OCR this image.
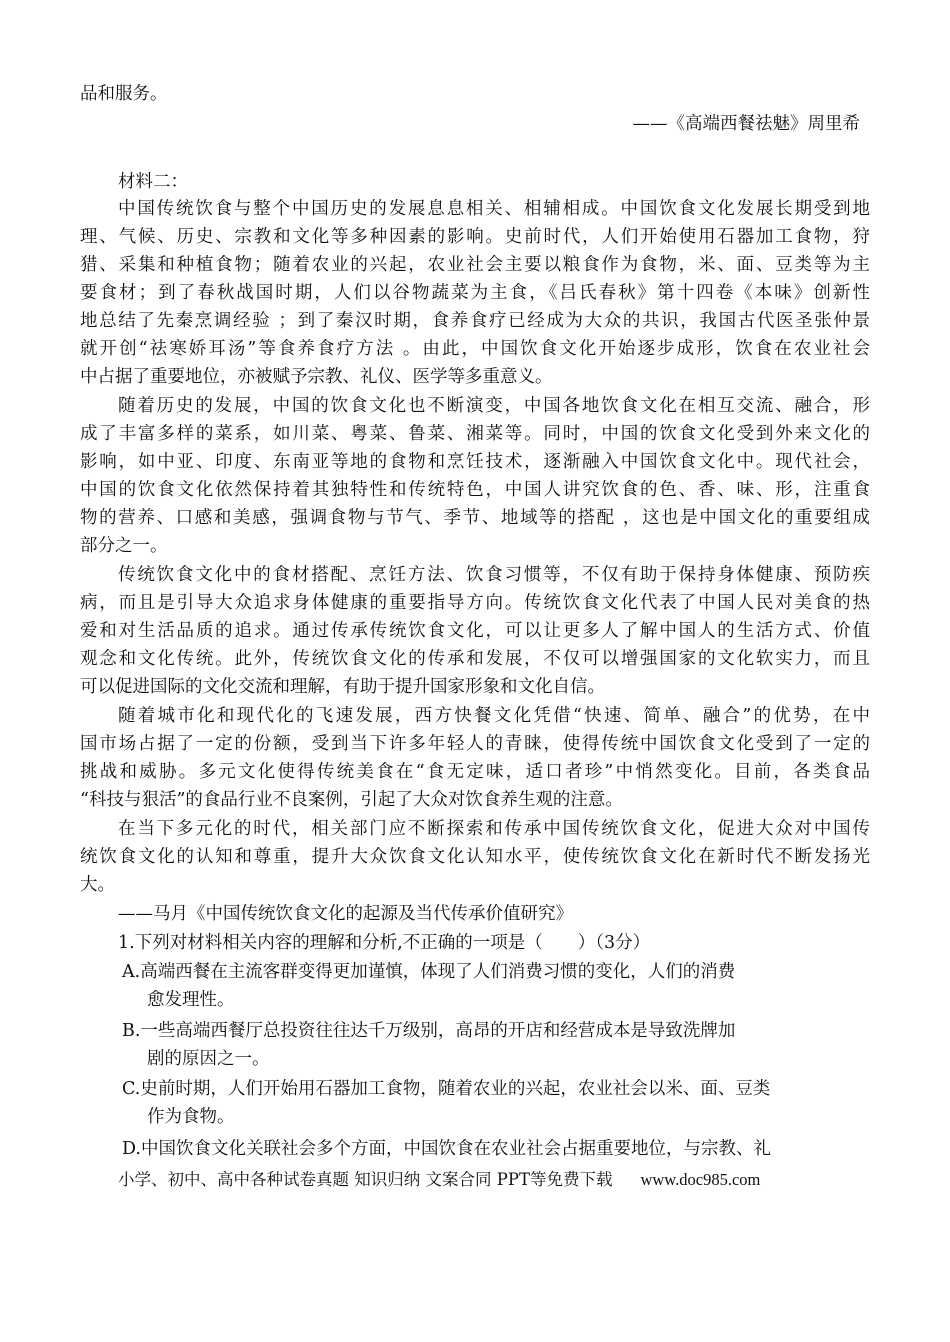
品和服务。
——《高端西餐祛魅》周里希
材料二：
中国传统饮食与整个中国历史的发展息息相关、相辅相成。中国饮食文化发展长期受到地
理、气候、历史、宗教和文化等多种因素的影响。史前时代，人们开始使用石器加工食物，狩
猎、采集和种植食物；随着农业的兴起，农业社会主要以粮食作为食物，米、面、豆类等为主
要食材；到了春秋战国时期，人们以谷物蔬菜为主食，《吕氏春秋》第十四卷《本味》创新性
地总结了先秦烹调经验 ；到了秦汉时期，食养食疗已经成为大众的共识，我国古代医圣张仲景
就开创“祛寒娇耳汤”等食养食疗方法 。由此，中国饮食文化开始逐步成形，饮食在农业社会
中占据了重要地位，亦被赋予宗教、礼仪、医学等多重意义。
随着历史的发展，中国的饮食文化也不断演变，中国各地饮食文化在相互交流、融合，形
成了丰富多样的菜系，如川菜、粤菜、鲁菜、湘菜等。同时，中国的饮食文化受到外来文化的
影响，如中亚、印度、东南亚等地的食物和烹饪技术，逐渐融入中国饮食文化中。现代社会，
中国的饮食文化依然保持着其独特性和传统特色，中国人讲究饮食的色、香、味、形，注重食
物的营养、口感和美感，强调食物与节气、季节、地域等的搭配 ，这也是中国文化的重要组成
部分之一。
传统饮食文化中的食材搭配、烹饪方法、饮食习惯等，不仅有助于保持身体健康、预防疾
病，而且是引导大众追求身体健康的重要指导方向。传统饮食文化代表了中国人民对美食的热
爱和对生活品质的追求。通过传承传统饮食文化，可以让更多人了解中国人的生活方式、价值
观念和文化传统。此外，传统饮食文化的传承和发展，不仅可以增强国家的文化软实力，而且
可以促进国际的文化交流和理解，有助于提升国家形象和文化自信。
随着城市化和现代化的飞速发展，西方快餐文化凭借“快速、简单、融合”的优势，在中
国市场占据了一定的份额，受到当下许多年轻人的青睐，使得传统中国饮食文化受到了一定的
挑战和威胁。多元文化使得传统美食在“食无定味，适口者珍”中悄然变化。目前，各类食品
“科技与狠活”的食品行业不良案例，引起了大众对饮食养生观的注意。
在当下多元化的时代，相关部门应不断探索和传承中国传统饮食文化，促进大众对中国传
统饮食文化的认知和尊重，提升大众饮食文化认知水平，使传统饮食文化在新时代不断发扬光
大。
——马月《中国传统饮食文化的起源及当代传承价值研究》
1.下列对材料相关内容的理解和分析,不正确的一项是（　　）（3分）
A.高端西餐在主流客群变得更加谨慎，体现了人们消费习惯的变化，人们的消费
愈发理性。
B.一些高端西餐厅总投资往往达千万级别，高昂的开店和经营成本是导致洗牌加
剧的原因之一。
C.史前时期，人们开始用石器加工食物，随着农业的兴起，农业社会以米、面、豆类
作为食物。
D.中国饮食文化关联社会多个方面，中国饮食在农业社会占据重要地位，与宗教、礼
小学、初中、高中各种试卷真题 知识归纳 文案合同 PPT等免费下载 www.doc985.com
